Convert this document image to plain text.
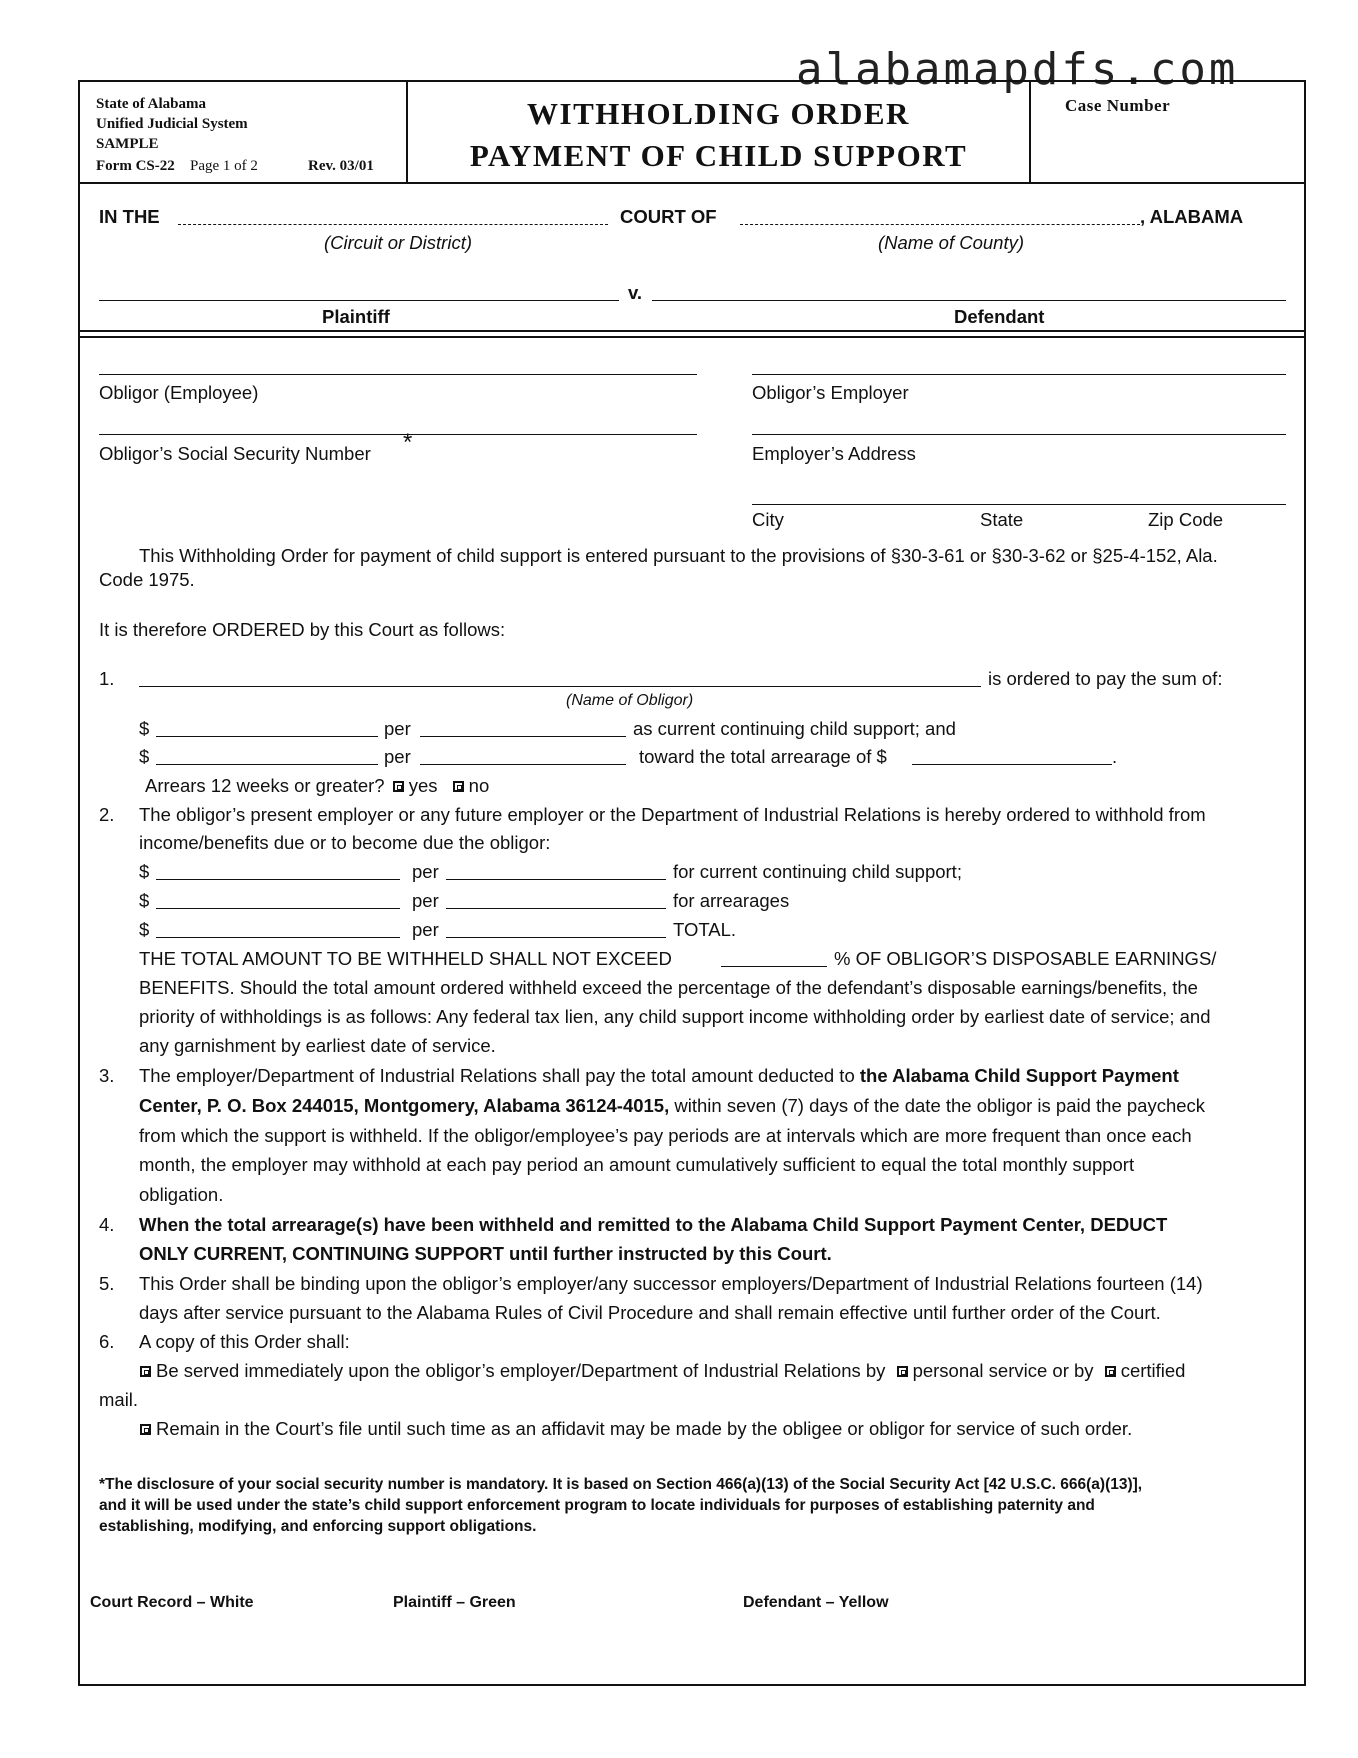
alabamapdfs.com
State of Alabama
Unified Judicial System
SAMPLE
Form CS-22 Page 1 of 2	Rev. 03/01
WITHHOLDING ORDER
PAYMENT OF CHILD SUPPORT
Case Number
IN THE	COURT OF	, ALABAMA
(Circuit or District)	(Name of County)
v.
Plaintiff	Defendant
Obligor (Employee)	Obligor’s Employer
Obligor’s Social Security Number *	Employer’s Address
City	State	Zip Code
This Withholding Order for payment of child support is entered pursuant to the provisions of §30-3-61 or §30-3-62 or §25-4-152, Ala.
Code 1975.
It is therefore ORDERED by this Court as follows:
1.	is ordered to pay the sum of:
(Name of Obligor)
$	per	as current continuing child support; and
$	per	toward the total arrearage of $	.
Arrears 12 weeks or greater? yes no
2. The obligor’s present employer or any future employer or the Department of Industrial Relations is hereby ordered to withhold from
income/benefits due or to become due the obligor:
$	per	for current continuing child support;
$	per	for arrearages
$	per	TOTAL.
THE TOTAL AMOUNT TO BE WITHHELD SHALL NOT EXCEED	% OF OBLIGOR’S DISPOSABLE EARNINGS/
BENEFITS. Should the total amount ordered withheld exceed the percentage of the defendant’s disposable earnings/benefits, the
priority of withholdings is as follows: Any federal tax lien, any child support income withholding order by earliest date of service; and
any garnishment by earliest date of service.
3. The employer/Department of Industrial Relations shall pay the total amount deducted to the Alabama Child Support Payment
Center, P. O. Box 244015, Montgomery, Alabama 36124-4015, within seven (7) days of the date the obligor is paid the paycheck
from which the support is withheld. If the obligor/employee’s pay periods are at intervals which are more frequent than once each
month, the employer may withhold at each pay period an amount cumulatively sufficient to equal the total monthly support
obligation.
4. When the total arrearage(s) have been withheld and remitted to the Alabama Child Support Payment Center, DEDUCT
ONLY CURRENT, CONTINUING SUPPORT until further instructed by this Court.
5. This Order shall be binding upon the obligor’s employer/any successor employers/Department of Industrial Relations fourteen (14)
days after service pursuant to the Alabama Rules of Civil Procedure and shall remain effective until further order of the Court.
6. A copy of this Order shall:
Be served immediately upon the obligor’s employer/Department of Industrial Relations by personal service or by certified
mail.
Remain in the Court’s file until such time as an affidavit may be made by the obligee or obligor for service of such order.
*The disclosure of your social security number is mandatory. It is based on Section 466(a)(13) of the Social Security Act [42 U.S.C. 666(a)(13)],
and it will be used under the state’s child support enforcement program to locate individuals for purposes of establishing paternity and
establishing, modifying, and enforcing support obligations.
Court Record – White	Plaintiff – Green	Defendant – Yellow
